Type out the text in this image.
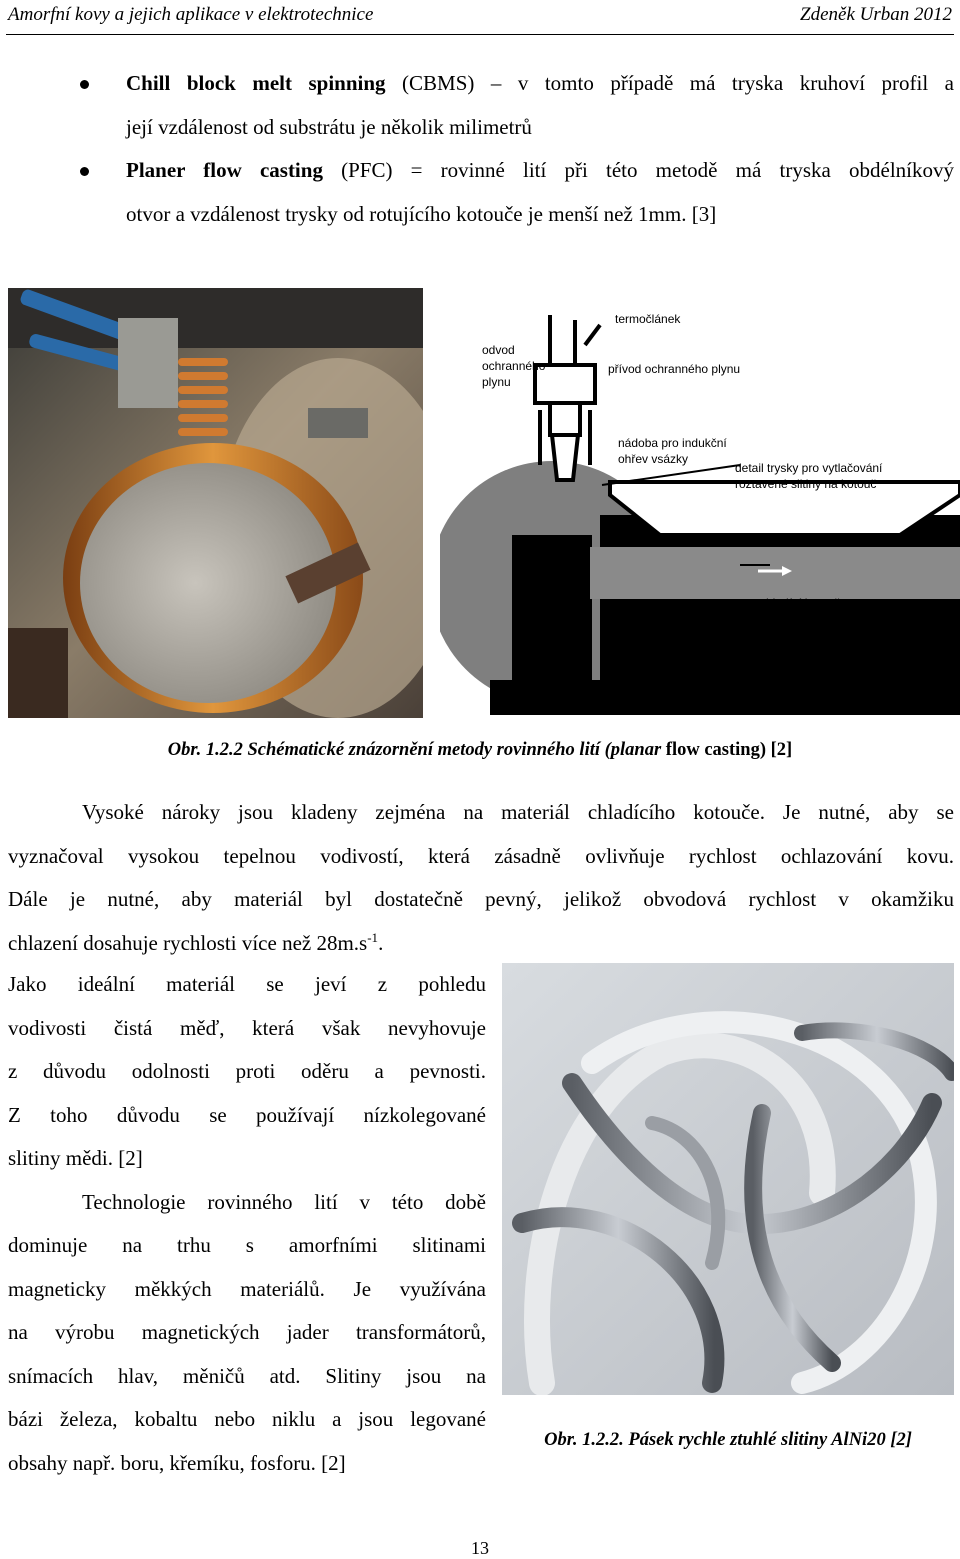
Amorfní kovy a jejich aplikace v elektrotechnice	Zdeněk Urban 2012
Chill block melt spinning (CBMS) – v tomto případě má tryska kruhoví profil a
její vzdálenost od substrátu je několik milimetrů
Planer flow casting (PFC) = rovinné lití při této metodě má tryska obdélníkový
otvor a vzdálenost trysky od rotujícího kotouče je menší než 1mm. [3]
termočlánek
odvod
ochranného
plynu
přívod ochranného plynu
nádoba pro indukční
ohřev vsázky
detail trysky pro vytlačování
roztavené slitiny na kotouč
chladící kotouč
rychle ztuhlá
slitina
Obr. 1.2.2 Schématické znázornění metody rovinného lití (planar flow casting) [2]
Vysoké nároky jsou kladeny zejména na materiál chladícího kotouče. Je nutné, aby se
vyznačoval vysokou tepelnou vodivostí, která zásadně ovlivňuje rychlost ochlazování kovu.
Dále je nutné, aby materiál byl dostatečně pevný, jelikož obvodová rychlost v okamžiku
chlazení dosahuje rychlosti více než $28m.s^{-1}$.
Jako ideální materiál se jeví z pohledu
vodivosti čistá měď, která však nevyhovuje
z důvodu odolnosti proti oděru a pevnosti.
Z toho důvodu se používají nízkolegované
slitiny mědi. [2]
Technologie rovinného lití v této době
dominuje na trhu s amorfními slitinami
magneticky měkkých materiálů. Je využívána
na výrobu magnetických jader transformátorů,
snímacích hlav, měničů atd. Slitiny jsou na
bázi železa, kobaltu nebo niklu a jsou legované
obsahy např. boru, křemíku, fosforu. [2]
Obr. 1.2.2. Pásek rychle ztuhlé slitiny AlNi20 [2]
13
